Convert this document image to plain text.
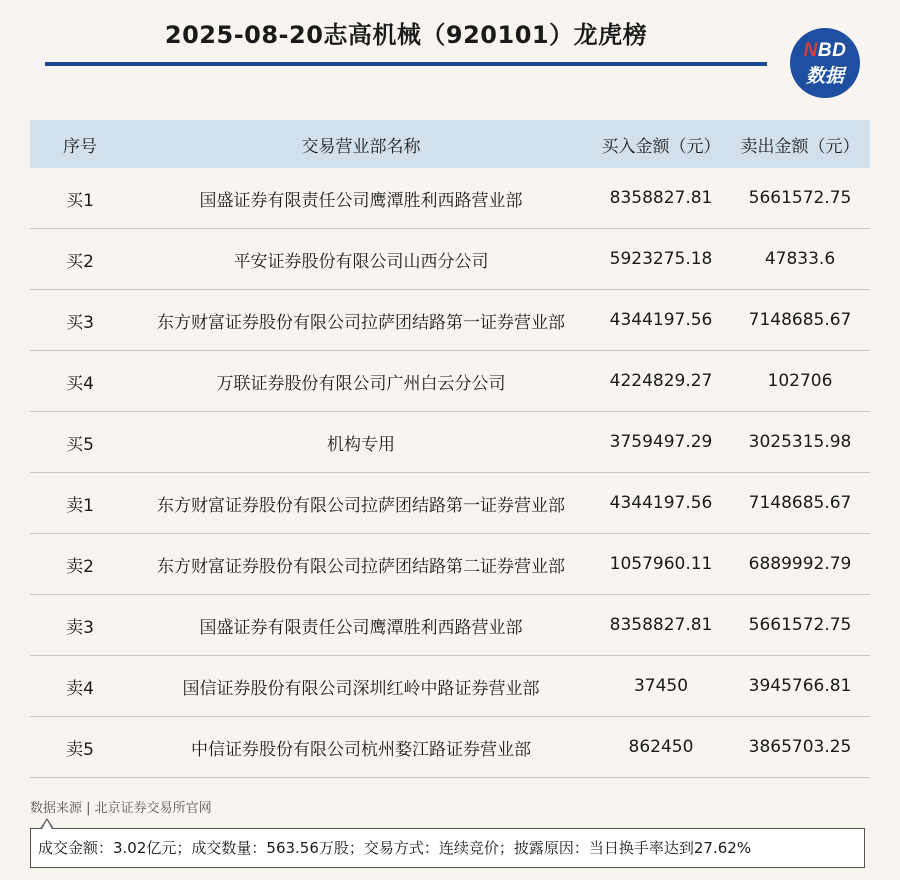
2025-08-20志高机械（920101）龙虎榜
NBD
数据
序号	交易营业部名称	买入金额（元）	卖出金额（元）
买1	国盛证券有限责任公司鹰潭胜利西路营业部	8358827.81	5661572.75
买2	平安证券股份有限公司山西分公司	5923275.18	47833.6
买3	东方财富证券股份有限公司拉萨团结路第一证券营业部	4344197.56	7148685.67
买4	万联证券股份有限公司广州白云分公司	4224829.27	102706
买5	机构专用	3759497.29	3025315.98
卖1	东方财富证券股份有限公司拉萨团结路第一证券营业部	4344197.56	7148685.67
卖2	东方财富证券股份有限公司拉萨团结路第二证券营业部	1057960.11	6889992.79
卖3	国盛证券有限责任公司鹰潭胜利西路营业部	8358827.81	5661572.75
卖4	国信证券股份有限公司深圳红岭中路证券营业部	37450	3945766.81
卖5	中信证券股份有限公司杭州婺江路证券营业部	862450	3865703.25
数据来源 | 北京证券交易所官网
成交金额：3.02亿元；成交数量：563.56万股；交易方式：连续竞价；披露原因：当日换手率达到27.62%
